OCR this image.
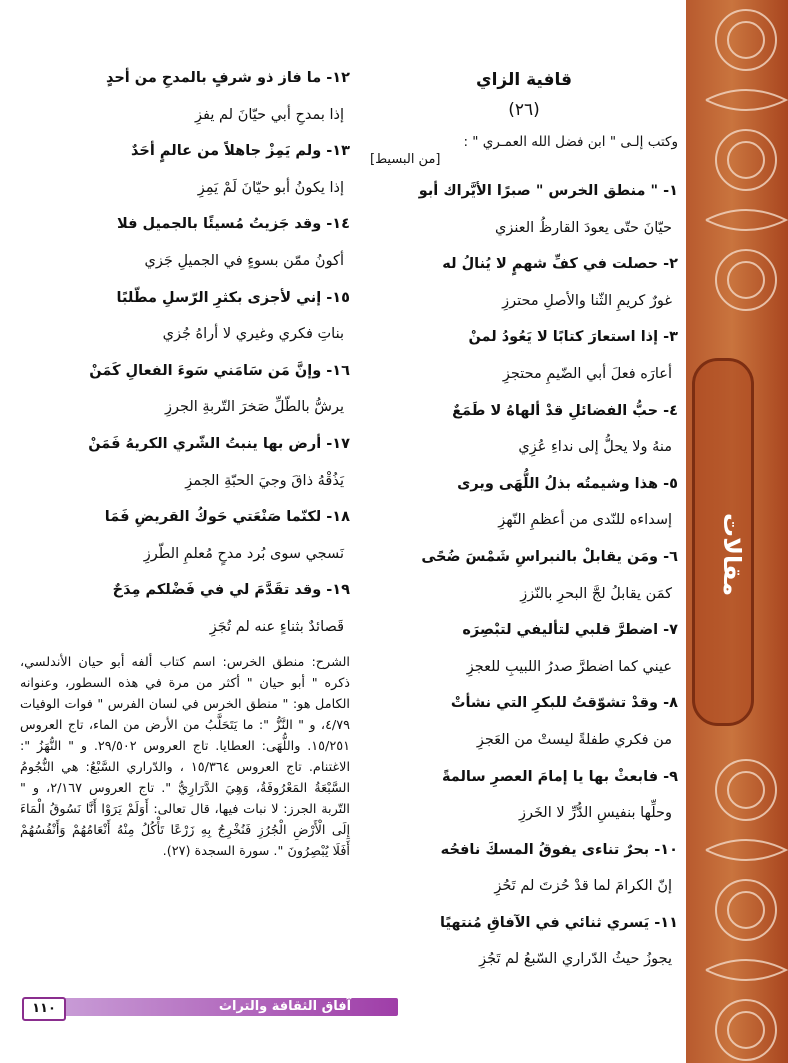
مقالات
قافية الزاي
(٢٦)
وكتب إلـى " ابن فضل الله العمـري " :
[من البسيط]
١- " منطق الخرس " صبرًا الأيَّراك أبو
حيّانَ حتّى يعودَ القارظُ العنزي
٢- حصلت في كفِّ شهمٍ لا يُنالُ له
غورٌ كريمِ الثّنا والأصلِ محترزِ
٣- إذا استعارَ كتابًا لا يَعُودُ لمنْ
أعارَه فعلَ أبي الضّيمِ محتجزِ
٤- حبُّ الفضائلِ قدْ ألهاهُ لا طَمَعٌ
منهُ ولا يحلُّ إلى نداءِ عُزِي
٥- هذا وشيمتُه بذلُ اللُّهَى ويرى
إسداءه للنّدى من أعظمِ النّهزِ
٦- ومَن يقابلْ بالنبراسِ شَمْسَ ضُحًى
كمَن يقابلُ لجَّ البحرِ بالنّززِ
٧- اضطرَّ قلبي لتأليفي لتبْصِرَه
عيني كما اضطرَّ صدرُ اللبيبِ للعجزِ
٨- وقدْ تشوّقتُ للبكرِ التي نشأتْ
من فكري طفلةً ليستْ من العَجزِ
٩- فابعثْ بها يا إمامَ العصرِ سالمةً
وحلِّها بنفيسِ الدُّرِّ لا الخَرزِ
١٠- بحرٌ تناءى يفوقُ المسكَ نافحُه
إنّ الكرامَ لما قدْ حُزتَ لم تَحُزِ
١١- يَسري ثنائي في الآفاقِ مُنتهيًا
يجوزُ حيثُ الدّراري السّبعُ لم تَجُزِ
١٢- ما فاز ذو شرفٍ بالمدحِ من أحدٍ
إذا بمدحِ أبي حيّانَ لم يفزِ
١٣- ولم يَمِزْ جاهلاً من عالمٍ أحَدٌ
إذا يكونُ أبو حيّانَ لَمْ يَمِزِ
١٤- وقد جَزيتُ مُسيئًا بالجميل فلا
أكونُ ممّن بسوءٍ في الجميلِ جَزي
١٥- إني لأجزى بكثرِ الرّسلِ مطّلبًا
بناتِ فكري وغيري لا أراهُ جُزي
١٦- وإنَّ مَن سَامَني سَوءَ الفعالِ كَمَنْ
يرشُّ بالطّلِّ صَخرَ التّربةِ الجرزِ
١٧- أرض بها ينبتُ الشّري الكريهُ فَمَنْ
يَذُقْهُ ذاقَ وجيَ الحبّةِ الجمزِ
١٨- لكنّما صَنْعَتي حَوكُ القريضِ فَمَا
نَسجي سوى بُرد مدحٍ مُعلمِ الطّرزِ
١٩- وقد تقَدَّمَ لي في فَضْلكم مِدَحٌ
قَصائدٌ بثناءٍ عنه لم تُجَزِ
الشرح: منطق الخرس: اسم كتاب ألفه أبو حيان الأندلسي، ذكره " أبو حيان " أكثر من مرة في هذه السطور، وعنوانه الكامل هو: " منطق الخرس في لسان الفرس " فوات الوفيات ٤/٧٩، و " النَّزُّ ": ما يَتَحَلَّبُ من الأرض من الماء، تاج العروس ١٥/٢٥١. واللُّهَى: العطايا. تاج العروس ٢٩/٥٠٢. و " النُّهَزُ ": الاغتنام. تاج العروس ١٥/٣٦٤ ، والدّراري السَّبْعُ: هي النُّجُومُ السَّبْعَةُ المَعْرُوفَةُ، وَهِيَ الدَّرَارِيُّ ". تاج العروس ٢/١٦٧، و " التّربة الجرز: لا نبات فيها، قال تعالى: أَوَلَمْ يَرَوْا أَنَّا نَسُوقُ الْمَاءَ إِلَى الْأَرْضِ الْجُرُزِ فَنُخْرِجُ بِهِ زَرْعًا تَأْكُلُ مِنْهُ أَنْعَامُهُمْ وَأَنْفُسُهُمْ أَفَلَا يُبْصِرُونَ ". سورة السجدة (٢٧).
آفاق الثقافة والتراث
١١٠
